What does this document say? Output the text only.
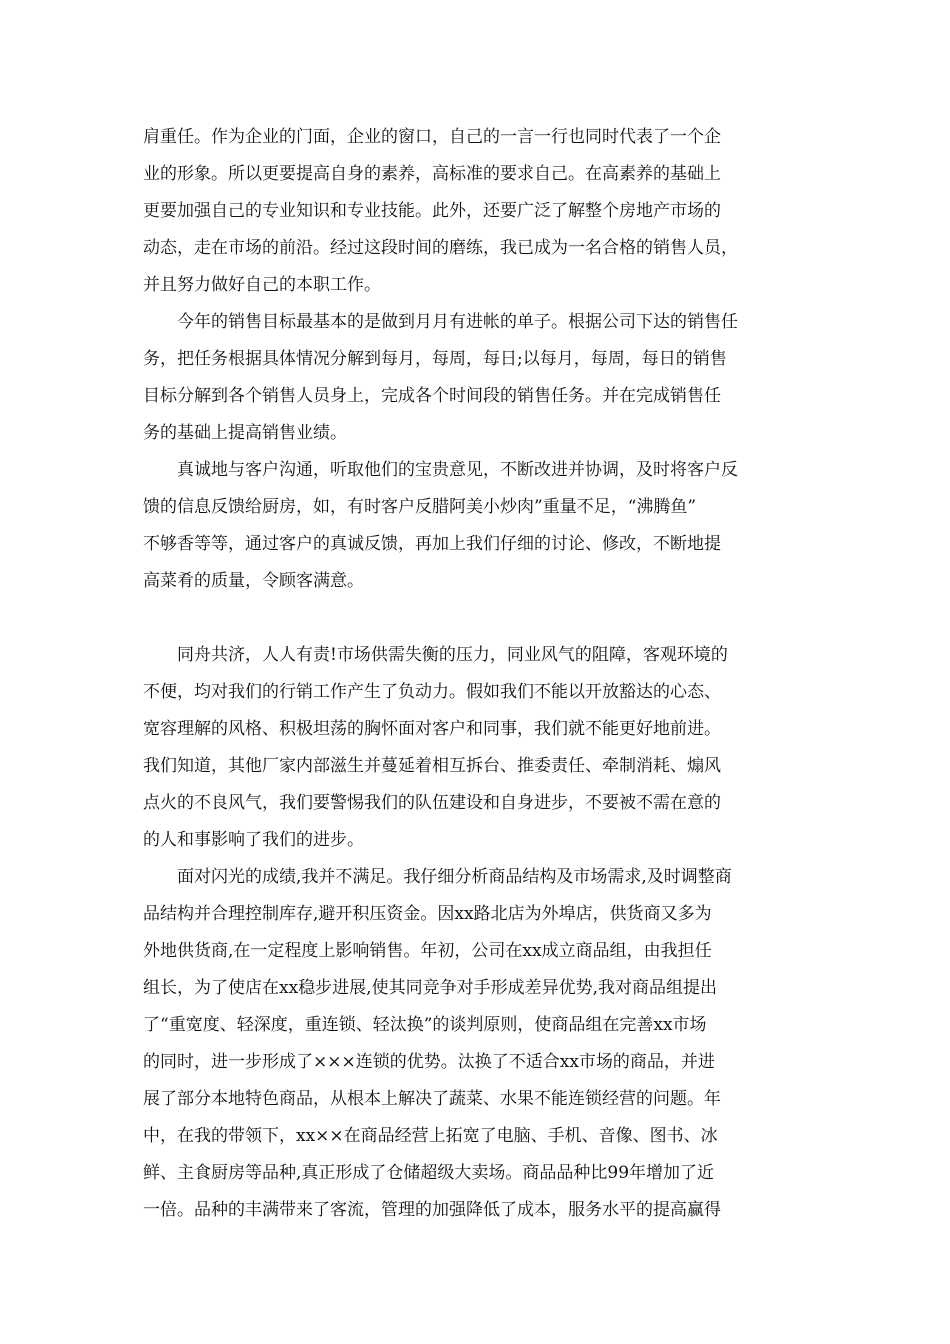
肩重任。作为企业的门面，企业的窗口，自己的一言一行也同时代表了一个企

业的形象。所以更要提高自身的素养，高标准的要求自己。在高素养的基础上

更要加强自己的专业知识和专业技能。此外，还要广泛了解整个房地产市场的

动态，走在市场的前沿。经过这段时间的磨练，我已成为一名合格的销售人员，

并且努力做好自己的本职工作。

今年的销售目标最基本的是做到月月有进帐的单子。根据公司下达的销售任

务，把任务根据具体情况分解到每月，每周，每日;以每月，每周，每日的销售

目标分解到各个销售人员身上，完成各个时间段的销售任务。并在完成销售任

务的基础上提高销售业绩。

真诚地与客户沟通，听取他们的宝贵意见，不断改进并协调，及时将客户反

馈的信息反馈给厨房，如，有时客户反腊阿美小炒肉”重量不足，“沸腾鱼”

不够香等等，通过客户的真诚反馈，再加上我们仔细的讨论、修改，不断地提

高菜肴的质量，令顾客满意。

同舟共济，人人有责!市场供需失衡的压力，同业风气的阻障，客观环境的

不便，均对我们的行销工作产生了负动力。假如我们不能以开放豁达的心态、

宽容理解的风格、积极坦荡的胸怀面对客户和同事，我们就不能更好地前进。

我们知道，其他厂家内部滋生并蔓延着相互拆台、推委责任、牵制消耗、煽风

点火的不良风气，我们要警惕我们的队伍建设和自身进步，不要被不需在意的

的人和事影响了我们的进步。

面对闪光的成绩,我并不满足。我仔细分析商品结构及市场需求,及时调整商

品结构并合理控制库存,避开积压资金。因xx路北店为外埠店，供货商又多为

外地供货商,在一定程度上影响销售。年初，公司在xx成立商品组，由我担任

组长，为了使店在xx稳步进展,使其同竞争对手形成差异优势,我对商品组提出

了“重宽度、轻深度，重连锁、轻汰换”的谈判原则，使商品组在完善xx市场

的同时，进一步形成了×××连锁的优势。汰换了不适合xx市场的商品，并进

展了部分本地特色商品，从根本上解决了蔬菜、水果不能连锁经营的问题。年

中，在我的带领下，xx××在商品经营上拓宽了电脑、手机、音像、图书、冰

鲜、主食厨房等品种,真正形成了仓储超级大卖场。商品品种比99年增加了近

一倍。品种的丰满带来了客流，管理的加强降低了成本，服务水平的提高赢得
